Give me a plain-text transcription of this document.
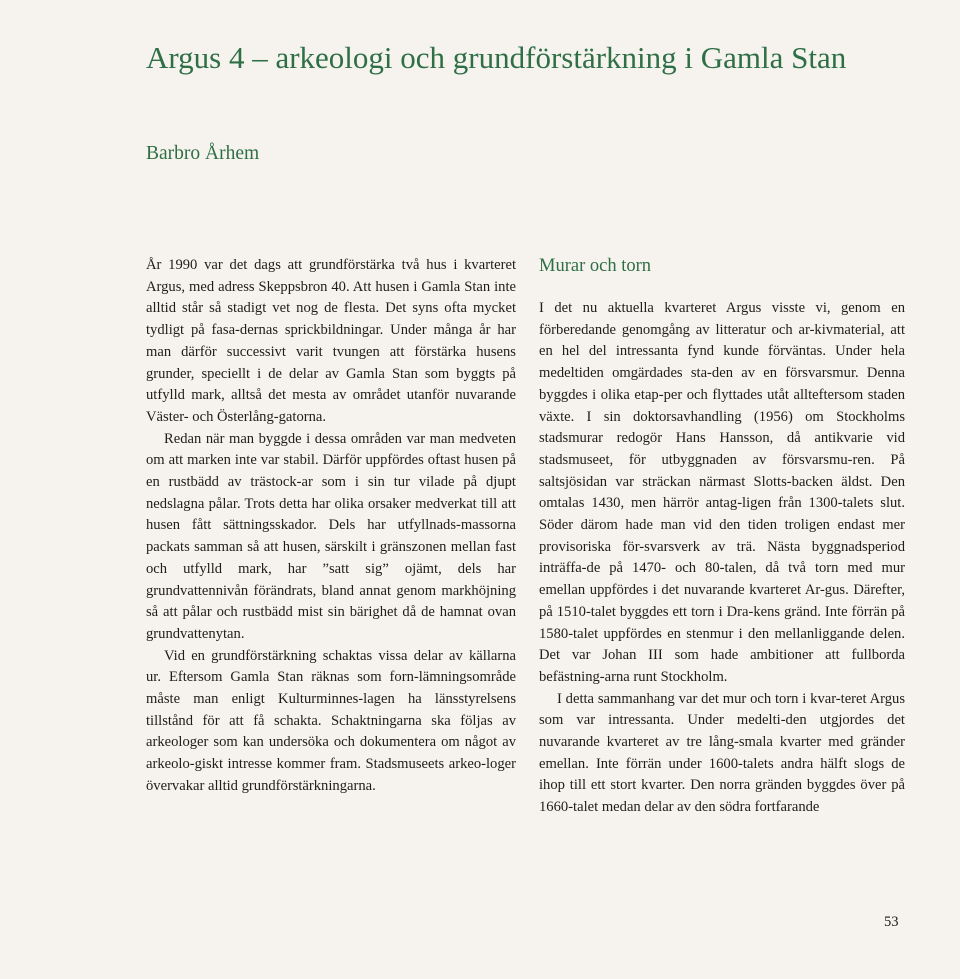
Argus 4 – arkeologi och grundförstärkning i Gamla Stan
Barbro Århem

År 1990 var det dags att grundförstärka två hus i kvarteret Argus, med adress Skeppsbron 40. Att husen i Gamla Stan inte alltid står så stadigt vet nog de flesta. Det syns ofta mycket tydligt på fasa-dernas sprickbildningar. Under många år har man därför successivt varit tvungen att förstärka husens grunder, speciellt i de delar av Gamla Stan som byggts på utfylld mark, alltså det mesta av området utanför nuvarande Väster- och Österlång-gatorna.

Redan när man byggde i dessa områden var man medveten om att marken inte var stabil. Därför uppfördes oftast husen på en rustbädd av trästock-ar som i sin tur vilade på djupt nedslagna pålar. Trots detta har olika orsaker medverkat till att husen fått sättningsskador. Dels har utfyllnads-massorna packats samman så att husen, särskilt i gränszonen mellan fast och utfylld mark, har ”satt sig” ojämt, dels har grundvattennivån förändrats, bland annat genom markhöjning så att pålar och rustbädd mist sin bärighet då de hamnat ovan grundvattenytan.

Vid en grundförstärkning schaktas vissa delar av källarna ur. Eftersom Gamla Stan räknas som forn-lämningsområde måste man enligt Kulturminnes-lagen ha länsstyrelsens tillstånd för att få schakta. Schaktningarna ska följas av arkeologer som kan undersöka och dokumentera om något av arkeolo-giskt intresse kommer fram. Stadsmuseets arkeo-loger övervakar alltid grundförstärkningarna.

Murar och torn

I det nu aktuella kvarteret Argus visste vi, genom en förberedande genomgång av litteratur och ar-kivmaterial, att en hel del intressanta fynd kunde förväntas. Under hela medeltiden omgärdades sta-den av en försvarsmur. Denna byggdes i olika etap-per och flyttades utåt allteftersom staden växte. I sin doktorsavhandling (1956) om Stockholms stadsmurar redogör Hans Hansson, då antikvarie vid stadsmuseet, för utbyggnaden av försvarsmu-ren. På saltsjösidan var sträckan närmast Slotts-backen äldst. Den omtalas 1430, men härrör antag-ligen från 1300-talets slut. Söder därom hade man vid den tiden troligen endast mer provisoriska för-svarsverk av trä. Nästa byggnadsperiod inträffa-de på 1470- och 80-talen, då två torn med mur emellan uppfördes i det nuvarande kvarteret Ar-gus. Därefter, på 1510-talet byggdes ett torn i Dra-kens gränd. Inte förrän på 1580-talet uppfördes en stenmur i den mellanliggande delen. Det var Johan III som hade ambitioner att fullborda befästning-arna runt Stockholm.

I detta sammanhang var det mur och torn i kvar-teret Argus som var intressanta. Under medelti-den utgjordes det nuvarande kvarteret av tre lång-smala kvarter med gränder emellan. Inte förrän under 1600-talets andra hälft slogs de ihop till ett stort kvarter. Den norra gränden byggdes över på 1660-talet medan delar av den södra fortfarande

53
